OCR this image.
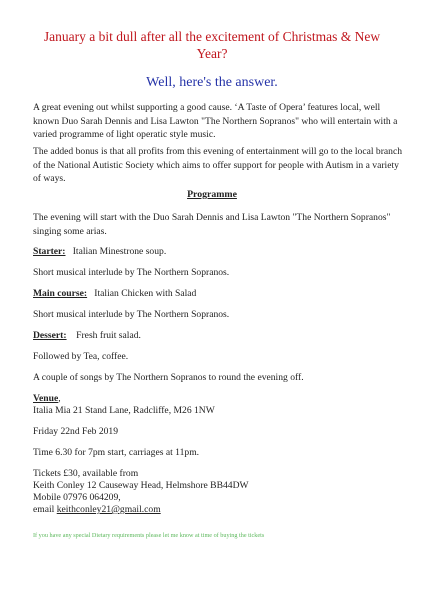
January a bit dull after all the excitement of Christmas & New Year?

Well, here's the answer.

A great evening out whilst supporting a good cause. ‘A Taste of Opera’ features local, well known Duo Sarah Dennis and Lisa Lawton "The Northern Sopranos" who will entertain with a varied programme of light operatic style music.

The added bonus is that all profits from this evening of entertainment will go to the local branch of the National Autistic Society which aims to offer support for people with Autism in a variety of ways.

Programme

The evening will start with the Duo Sarah Dennis and Lisa Lawton "The Northern Sopranos" singing some arias.

Starter: Italian Minestrone soup.

Short musical interlude by The Northern Sopranos.

Main course: Italian Chicken with Salad

Short musical interlude by The Northern Sopranos.

Dessert: Fresh fruit salad.

Followed by Tea, coffee.

A couple of songs by The Northern Sopranos to round the evening off.

Venue,

Italia Mia 21 Stand Lane, Radcliffe, M26 1NW

Friday 22nd Feb 2019

Time 6.30 for 7pm start, carriages at 11pm.

Tickets £30, available from

Keith Conley 12 Causeway Head, Helmshore BB44DW

Mobile 07976 064209,

email keithconley21@gmail.com

If you have any special Dietary requirements please let me know at time of buying the tickets
